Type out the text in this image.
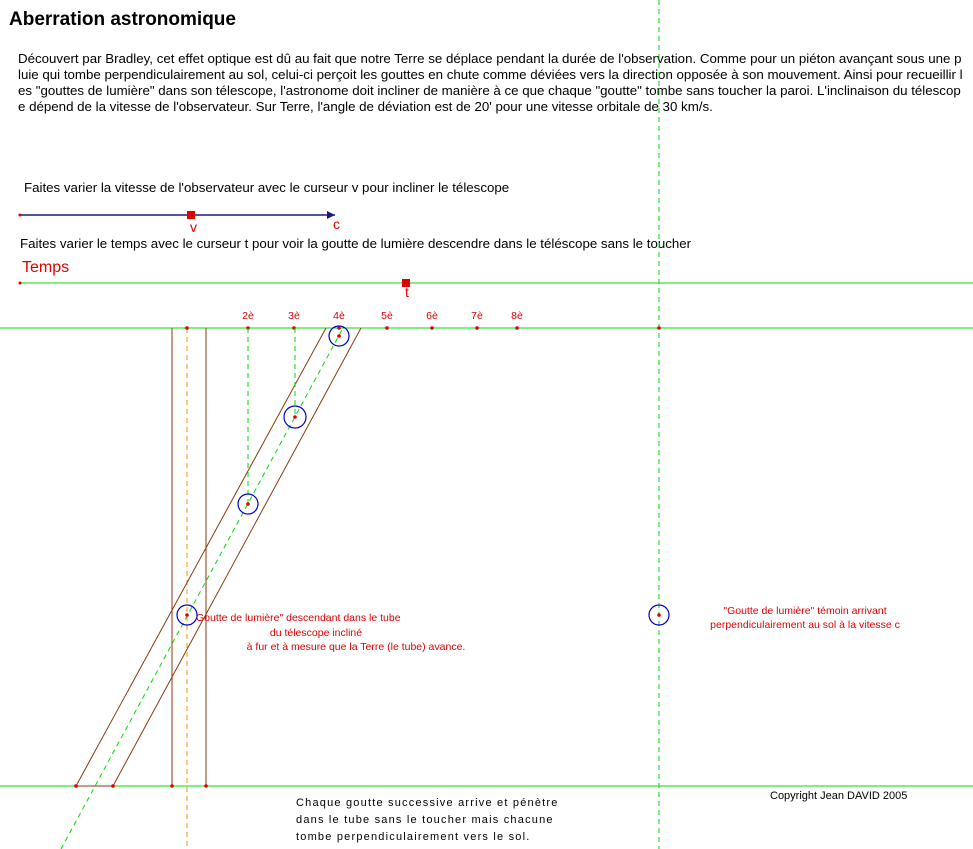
Aberration astronomique
Découvert par Bradley, cet effet optique est dû au fait que notre Terre se déplace pendant la durée de l'observation. Comme pour un piéton avançant sous une pluie qui tombe perpendiculairement au sol, celui-ci perçoit les gouttes en chute comme déviées vers la direction opposée à son mouvement. Ainsi pour recueillir les "gouttes de lumière" dans son télescope, l'astronome doit incliner de manière à ce que chaque "goutte" tombe sans toucher la paroi. L'inclinaison du télescope dépend de la vitesse de l'observateur. Sur Terre, l'angle de déviation est de 20' pour une vitesse orbitale de 30 km/s.
Faites varier la vitesse de l'observateur avec le curseur v pour incliner le télescope
Faites varier le temps avec le curseur t pour voir la goutte de lumière descendre dans le téléscope sans le toucher
Temps
v	c
t
2è	3è	4è	5è	6è	7è	8è
Goutte de lumière" descendant dans le tube
du télescope incliné
à fur et à mesure que la Terre (le tube) avance.
"Goutte de lumière" témoin arrivant
perpendiculairement au sol à la vitesse c
Copyright Jean DAVID 2005
Chaque goutte successive arrive et pénètre
dans le tube sans le toucher mais chacune
tombe perpendiculairement vers le sol.
